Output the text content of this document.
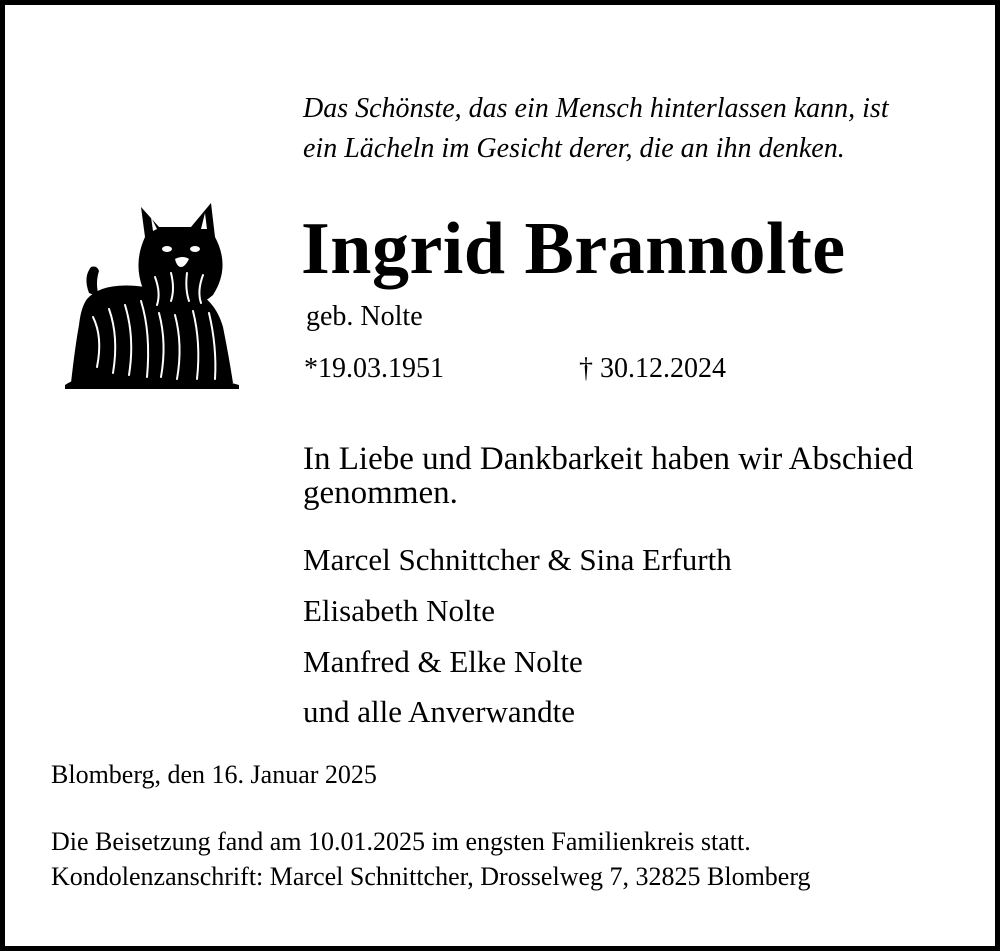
Das Schönste, das ein Mensch hinterlassen kann, ist
ein Lächeln im Gesicht derer, die an ihn denken.
Ingrid Brannolte
geb. Nolte
*19.03.1951	† 30.12.2024
In Liebe und Dankbarkeit haben wir Abschied genommen.
Marcel Schnittcher & Sina Erfurth
Elisabeth Nolte
Manfred & Elke Nolte
und alle Anverwandte
Blomberg, den 16. Januar 2025
Die Beisetzung fand am 10.01.2025 im engsten Familienkreis statt.
Kondolenzanschrift: Marcel Schnittcher, Drosselweg 7, 32825 Blomberg
